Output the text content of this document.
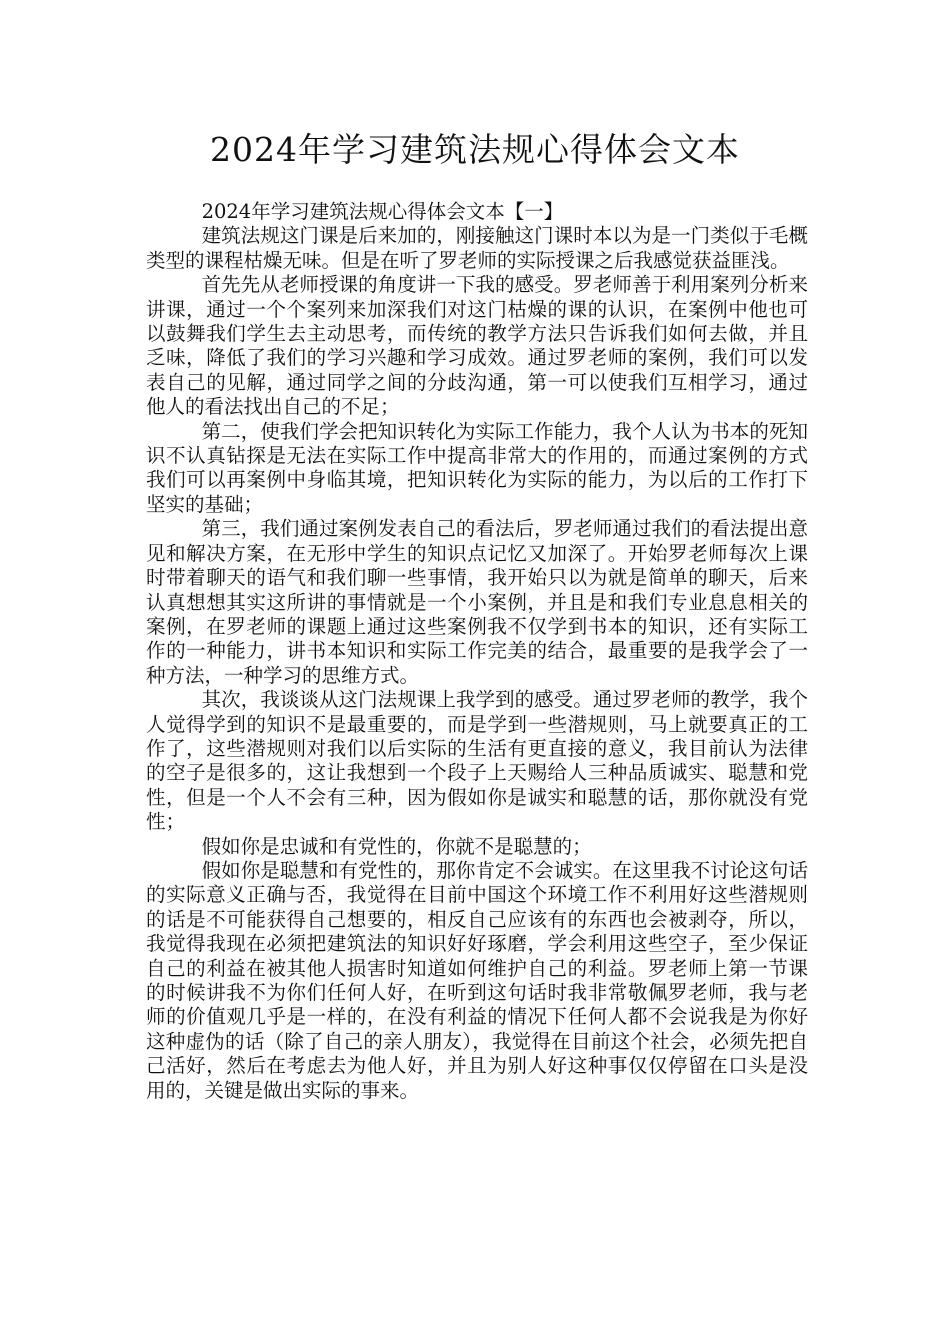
2024年学习建筑法规心得体会文本

2024年学习建筑法规心得体会文本【一】

建筑法规这门课是后来加的，刚接触这门课时本以为是一门类似于毛概类型的课程枯燥无味。但是在听了罗老师的实际授课之后我感觉获益匪浅。

首先先从老师授课的角度讲一下我的感受。罗老师善于利用案列分析来讲课，通过一个个案列来加深我们对这门枯燥的课的认识，在案例中他也可以鼓舞我们学生去主动思考，而传统的教学方法只告诉我们如何去做，并且乏味，降低了我们的学习兴趣和学习成效。通过罗老师的案例，我们可以发表自己的见解，通过同学之间的分歧沟通，第一可以使我们互相学习，通过他人的看法找出自己的不足；

第二，使我们学会把知识转化为实际工作能力，我个人认为书本的死知识不认真钻探是无法在实际工作中提高非常大的作用的，而通过案例的方式我们可以再案例中身临其境，把知识转化为实际的能力，为以后的工作打下坚实的基础；

第三，我们通过案例发表自己的看法后，罗老师通过我们的看法提出意见和解决方案，在无形中学生的知识点记忆又加深了。开始罗老师每次上课时带着聊天的语气和我们聊一些事情，我开始只以为就是简单的聊天，后来认真想想其实这所讲的事情就是一个小案例，并且是和我们专业息息相关的案例，在罗老师的课题上通过这些案例我不仅学到书本的知识，还有实际工作的一种能力，讲书本知识和实际工作完美的结合，最重要的是我学会了一种方法，一种学习的思维方式。

其次，我谈谈从这门法规课上我学到的感受。通过罗老师的教学，我个人觉得学到的知识不是最重要的，而是学到一些潜规则，马上就要真正的工作了，这些潜规则对我们以后实际的生活有更直接的意义，我目前认为法律的空子是很多的，这让我想到一个段子上天赐给人三种品质诚实、聪慧和党性，但是一个人不会有三种，因为假如你是诚实和聪慧的话，那你就没有党性；

假如你是忠诚和有党性的，你就不是聪慧的；

假如你是聪慧和有党性的，那你肯定不会诚实。在这里我不讨论这句话的实际意义正确与否，我觉得在目前中国这个环境工作不利用好这些潜规则的话是不可能获得自己想要的，相反自己应该有的东西也会被剥夺，所以，我觉得我现在必须把建筑法的知识好好琢磨，学会利用这些空子，至少保证自己的利益在被其他人损害时知道如何维护自己的利益。罗老师上第一节课的时候讲我不为你们任何人好，在听到这句话时我非常敬佩罗老师，我与老师的价值观几乎是一样的，在没有利益的情况下任何人都不会说我是为你好这种虚伪的话（除了自己的亲人朋友），我觉得在目前这个社会，必须先把自己活好，然后在考虑去为他人好，并且为别人好这种事仅仅停留在口头是没用的，关键是做出实际的事来。
